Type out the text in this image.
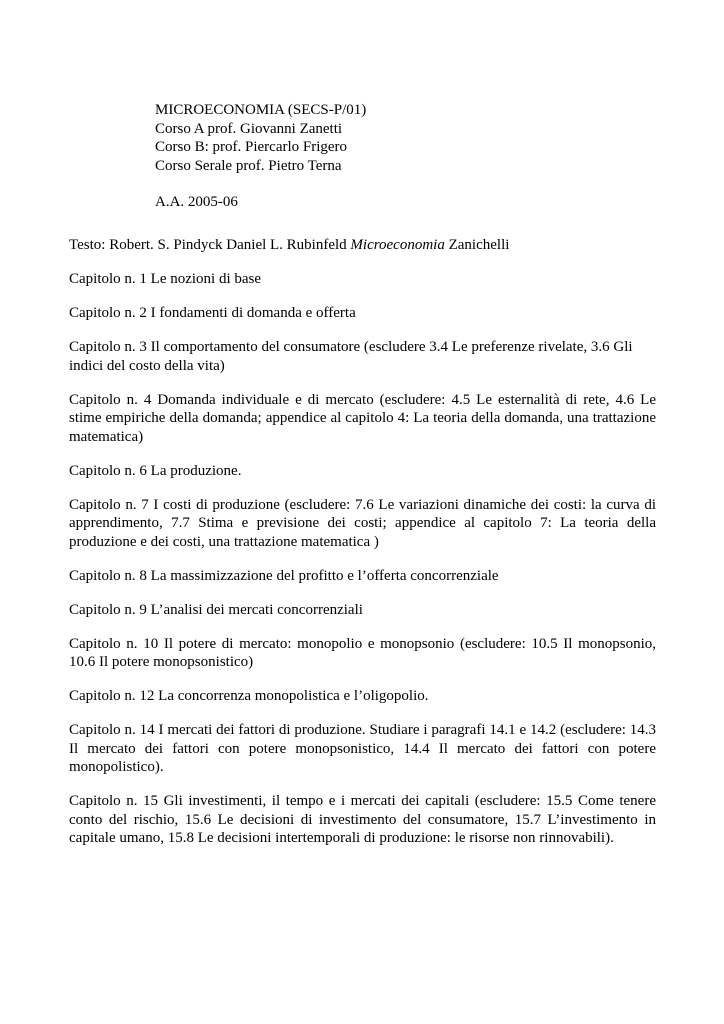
MICROECONOMIA (SECS-P/01)
Corso A prof. Giovanni Zanetti
Corso B: prof. Piercarlo Frigero
Corso Serale prof. Pietro Terna
A.A. 2005-06

Testo: Robert. S. Pindyck Daniel L. Rubinfeld Microeconomia Zanichelli

Capitolo n. 1 Le nozioni di base

Capitolo n. 2 I fondamenti di domanda e offerta

Capitolo n. 3 Il comportamento del consumatore (escludere 3.4 Le preferenze rivelate, 3.6 Gli indici del costo della vita)

Capitolo n. 4 Domanda individuale e di mercato (escludere: 4.5 Le esternalità di rete, 4.6 Le stime empiriche della domanda; appendice al capitolo 4: La teoria della domanda, una trattazione matematica)

Capitolo n. 6 La produzione.

Capitolo n. 7 I costi di produzione (escludere: 7.6 Le variazioni dinamiche dei costi: la curva di apprendimento, 7.7 Stima e previsione dei costi; appendice al capitolo 7: La teoria della produzione e dei costi, una trattazione matematica )

Capitolo n. 8 La massimizzazione del profitto e l’offerta concorrenziale

Capitolo n. 9 L’analisi dei mercati concorrenziali

Capitolo n. 10 Il potere di mercato: monopolio e monopsonio (escludere: 10.5 Il monopsonio, 10.6 Il potere monopsonistico)

Capitolo n. 12 La concorrenza monopolistica e l’oligopolio.

Capitolo n. 14 I mercati dei fattori di produzione. Studiare i paragrafi 14.1 e 14.2 (escludere: 14.3 Il mercato dei fattori con potere monopsonistico, 14.4 Il mercato dei fattori con potere monopolistico).

Capitolo n. 15 Gli investimenti, il tempo e i mercati dei capitali (escludere: 15.5 Come tenere conto del rischio, 15.6 Le decisioni di investimento del consumatore, 15.7 L’investimento in capitale umano, 15.8 Le decisioni intertemporali di produzione: le risorse non rinnovabili).
